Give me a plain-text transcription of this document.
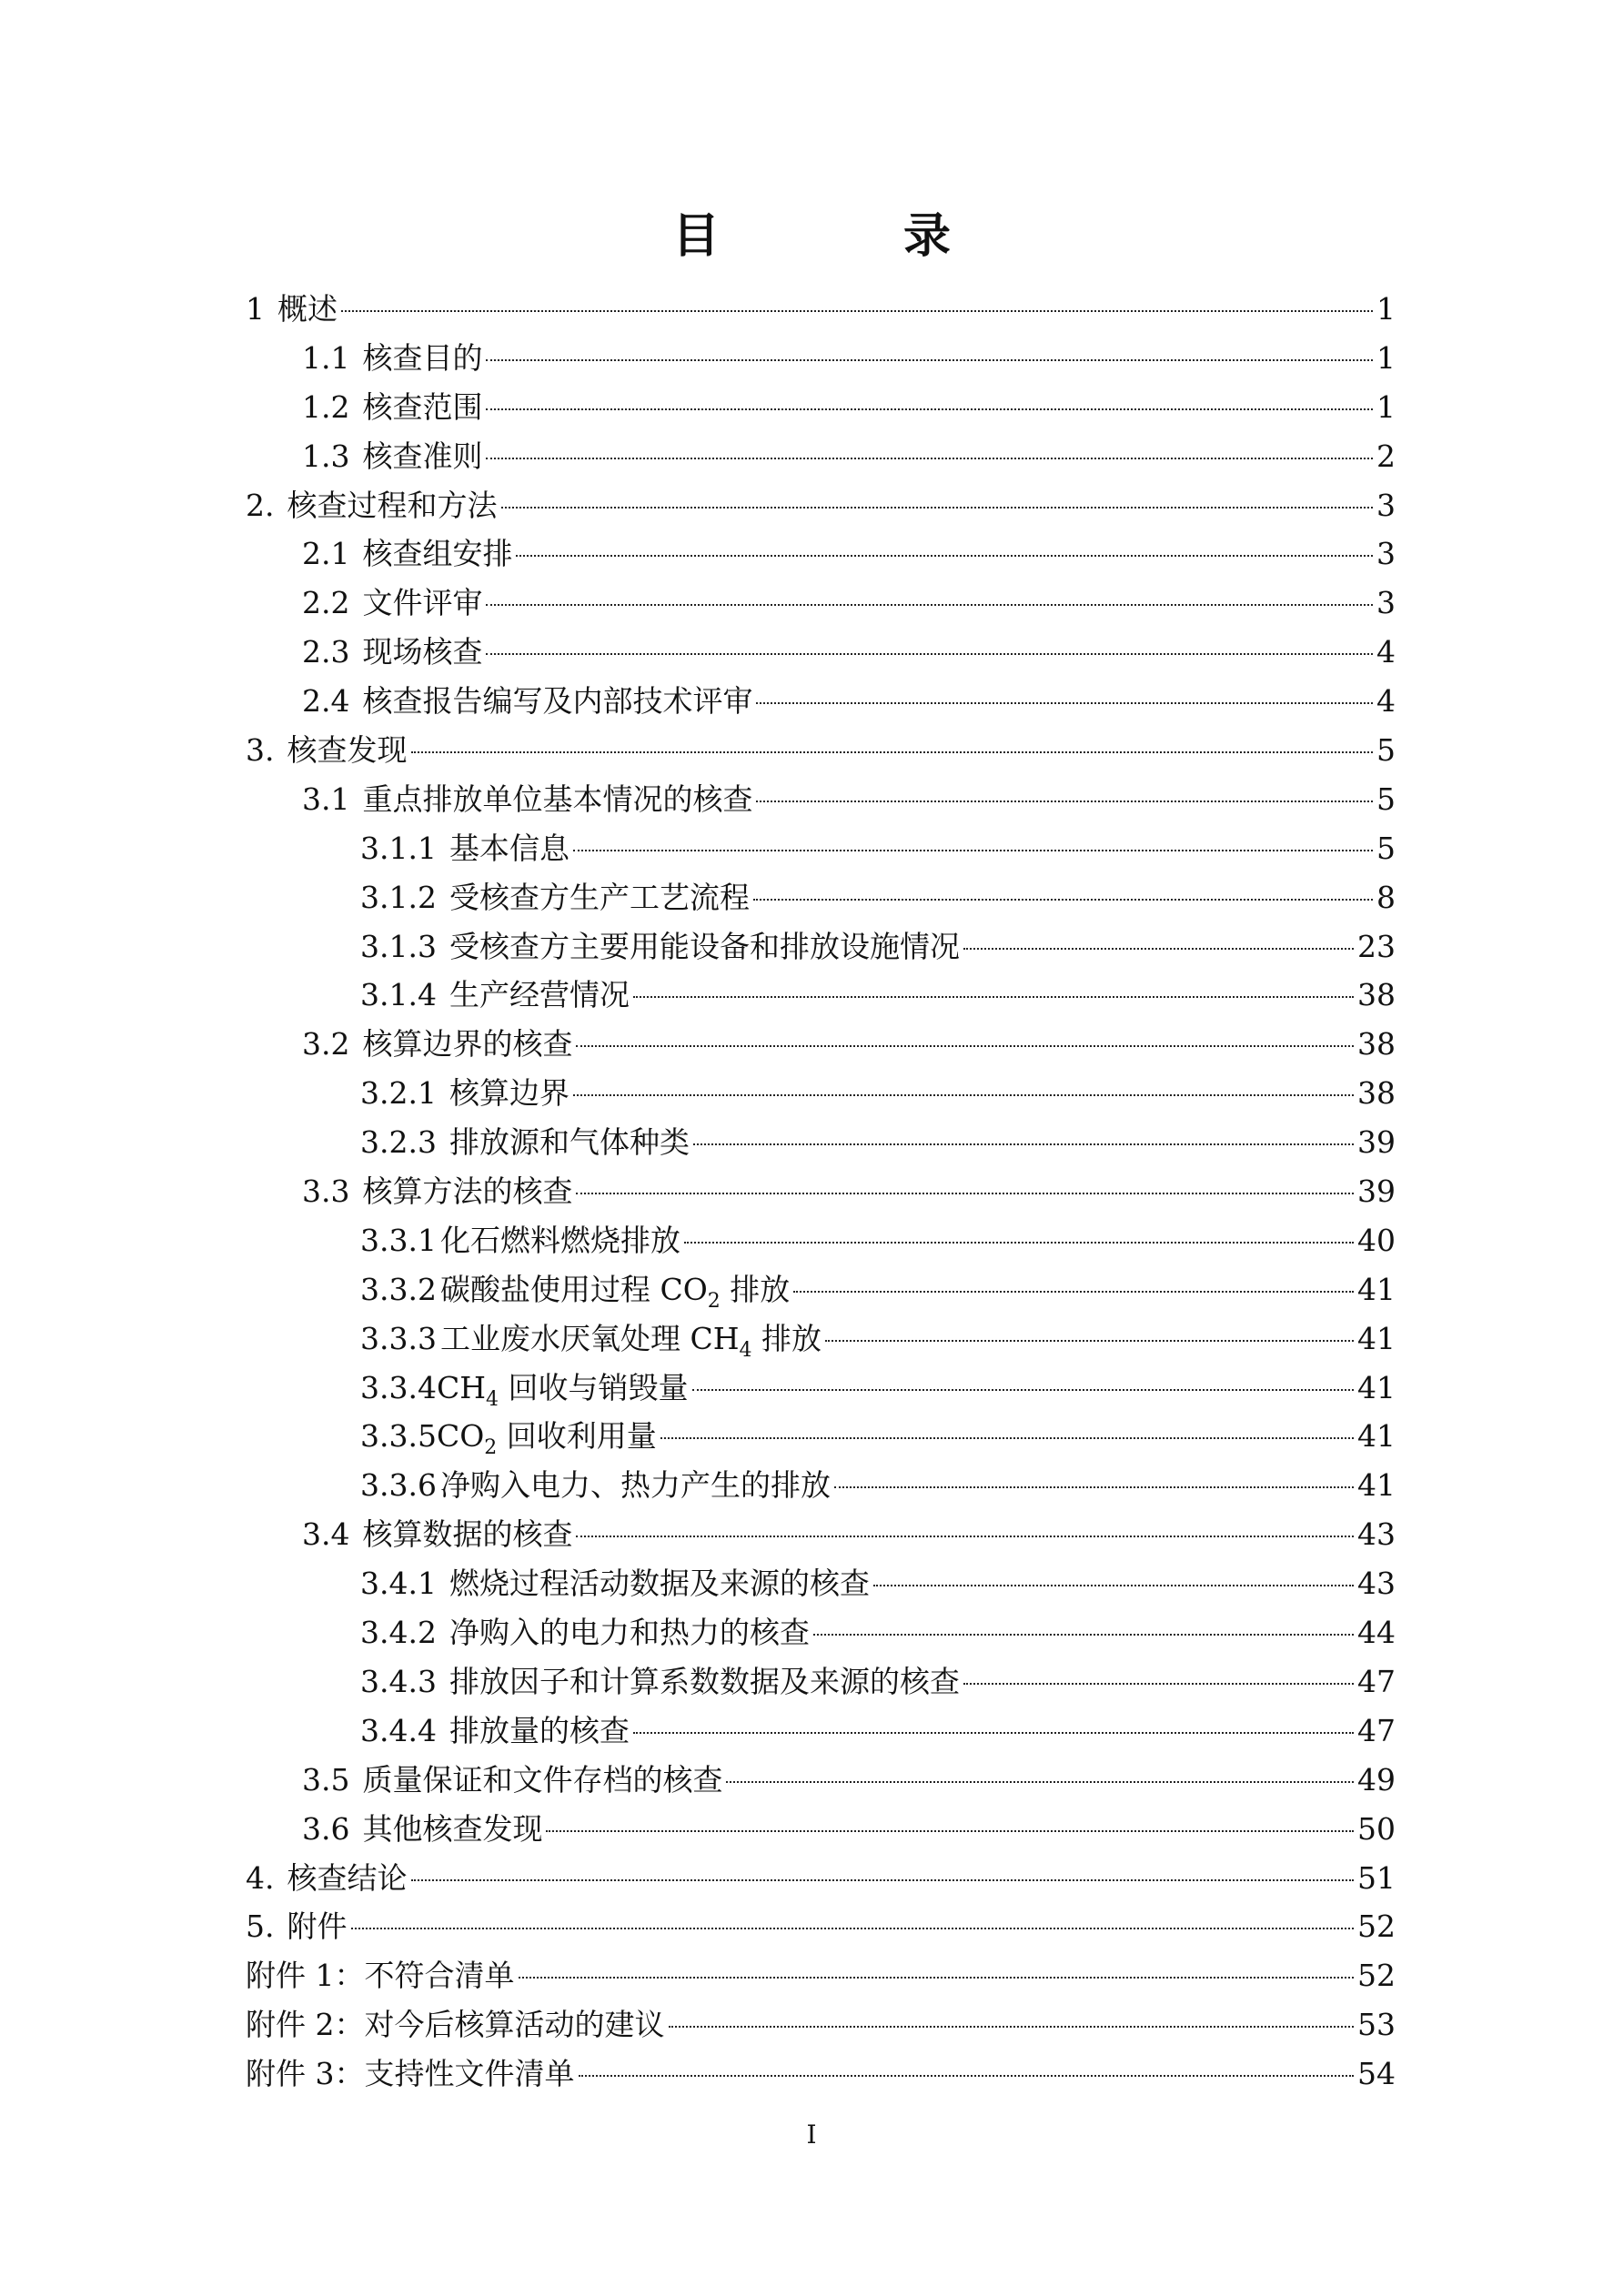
目 录
1 概述	1
1.1 核查目的	1
1.2 核查范围	1
1.3 核查准则	2
2. 核查过程和方法	3
2.1 核查组安排	3
2.2 文件评审	3
2.3 现场核查	4
2.4 核查报告编写及内部技术评审	4
3. 核查发现	5
3.1 重点排放单位基本情况的核查	5
3.1.1 基本信息	5
3.1.2 受核查方生产工艺流程	8
3.1.3 受核查方主要用能设备和排放设施情况	23
3.1.4 生产经营情况	38
3.2 核算边界的核查	38
3.2.1 核算边界	38
3.2.3 排放源和气体种类	39
3.3 核算方法的核查	39
3.3.1 化石燃料燃烧排放	40
3.3.2 碳酸盐使用过程 $CO_2$ 排放	41
3.3.3 工业废水厌氧处理 $CH_4$ 排放	41
3.3.4 $CH_4$ 回收与销毁量	41
3.3.5 $CO_2$ 回收利用量	41
3.3.6 净购入电力、热力产生的排放	41
3.4 核算数据的核查	43
3.4.1 燃烧过程活动数据及来源的核查	43
3.4.2 净购入的电力和热力的核查	44
3.4.3 排放因子和计算系数数据及来源的核查	47
3.4.4 排放量的核查	47
3.5 质量保证和文件存档的核查	49
3.6 其他核查发现	50
4. 核查结论	51
5. 附件	52
附件 1： 不符合清单	52
附件 2： 对今后核算活动的建议	53
附件 3： 支持性文件清单	54
I
